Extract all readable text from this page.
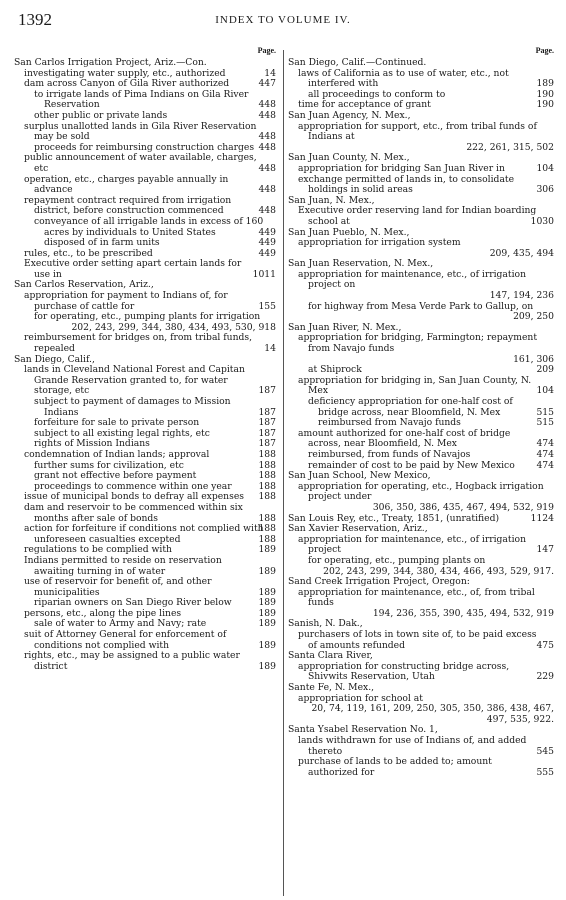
1392	INDEX TO VOLUME IV.
Page.
San Carlos Irrigation Project, Ariz.—Con.
investigating water supply, etc., authorized	14
dam across Canyon of Gila River authorized	447
to irrigate lands of Pima Indians on Gila River Reservation	448
other public or private lands	448
surplus unallotted lands in Gila River Reservation may be sold	448
proceeds for reimbursing construction charges 448
public announcement of water available, charges, etc	448
operation, etc., charges payable annually in advance	448
repayment contract required from irrigation district, before construction commenced	448
conveyance of all irrigable lands in excess of 160 acres by individuals to United States	449
disposed of in farm units	449
rules, etc., to be prescribed	449
Executive order setting apart certain lands for use in	1011
San Carlos Reservation, Ariz.,
appropriation for payment to Indians of, for purchase of cattle for	155
for operating, etc., pumping plants for irrigation
202, 243, 299, 344, 380, 434, 493, 530, 918
reimbursement for bridges on, from tribal funds, repealed	14
San Diego, Calif.,
lands in Cleveland National Forest and Capitan Grande Reservation granted to, for water storage, etc	187
subject to payment of damages to Mission Indians	187
forfeiture for sale to private person	187
subject to all existing legal rights, etc	187
rights of Mission Indians	187
condemnation of Indian lands; approval	188
further sums for civilization, etc	188
grant not effective before payment	188
proceedings to commence within one year	188
issue of municipal bonds to defray all expenses	188
dam and reservoir to be commenced within six months after sale of bonds	188
action for forfeiture if conditions not complied with
188
unforeseen casualties excepted	188
regulations to be complied with	189
Indians permitted to reside on reservation awaiting turning in of water	189
use of reservoir for benefit of, and other municipalities	189
riparian owners on San Diego River below	189
persons, etc., along the pipe lines	189
sale of water to Army and Navy; rate	189
suit of Attorney General for enforcement of conditions not complied with	189
rights, etc., may be assigned to a public water district	189
Page.
San Diego, Calif.—Continued.
laws of California as to use of water, etc., not interfered with	189
all proceedings to conform to	190
time for acceptance of grant	190
San Juan Agency, N. Mex.,
appropriation for support, etc., from tribal funds of Indians at
222, 261, 315, 502
San Juan County, N. Mex.,
appropriation for bridging San Juan River in	104
exchange permitted of lands in, to consolidate holdings in solid areas	306
San Juan, N. Mex.,
Executive order reserving land for Indian boarding school at	1030
San Juan Pueblo, N. Mex.,
appropriation for irrigation system
209, 435, 494
San Juan Reservation, N. Mex.,
appropriation for maintenance, etc., of irrigation project on
147, 194, 236
for highway from Mesa Verde Park to Gallup, on
209, 250
San Juan River, N. Mex.,
appropriation for bridging, Farmington; repayment from Navajo funds
161, 306
at Shiprock	209
appropriation for bridging in, San Juan County, N. Mex	104
deficiency appropriation for one-half cost of bridge across, near Bloomfield, N. Mex	515
reimbursed from Navajo funds	515
amount authorized for one-half cost of bridge across, near Bloomfield, N. Mex	474
reimbursed, from funds of Navajos	474
remainder of cost to be paid by New Mexico	474
San Juan School, New Mexico,
appropriation for operating, etc., Hogback irrigation project under
306, 350, 386, 435, 467, 494, 532, 919
San Louis Rey, etc., Treaty, 1851, (unratified)	1124
San Xavier Reservation, Ariz.,
appropriation for maintenance, etc., of irrigation project	147
for operating, etc., pumping plants on
202, 243, 299, 344, 380, 434, 466, 493, 529, 917.
Sand Creek Irrigation Project, Oregon:
appropriation for maintenance, etc., of, from tribal funds
194, 236, 355, 390, 435, 494, 532, 919
Sanish, N. Dak.,
purchasers of lots in town site of, to be paid excess of amounts refunded	475
Santa Clara River,
appropriation for constructing bridge across, Shivwits Reservation, Utah	229
Sante Fe, N. Mex.,
appropriation for school at
20, 74, 119, 161, 209, 250, 305, 350, 386, 438, 467, 497, 535, 922.
Santa Ysabel Reservation No. 1,
lands withdrawn for use of Indians of, and added thereto	545
purchase of lands to be added to; amount authorized for	555
